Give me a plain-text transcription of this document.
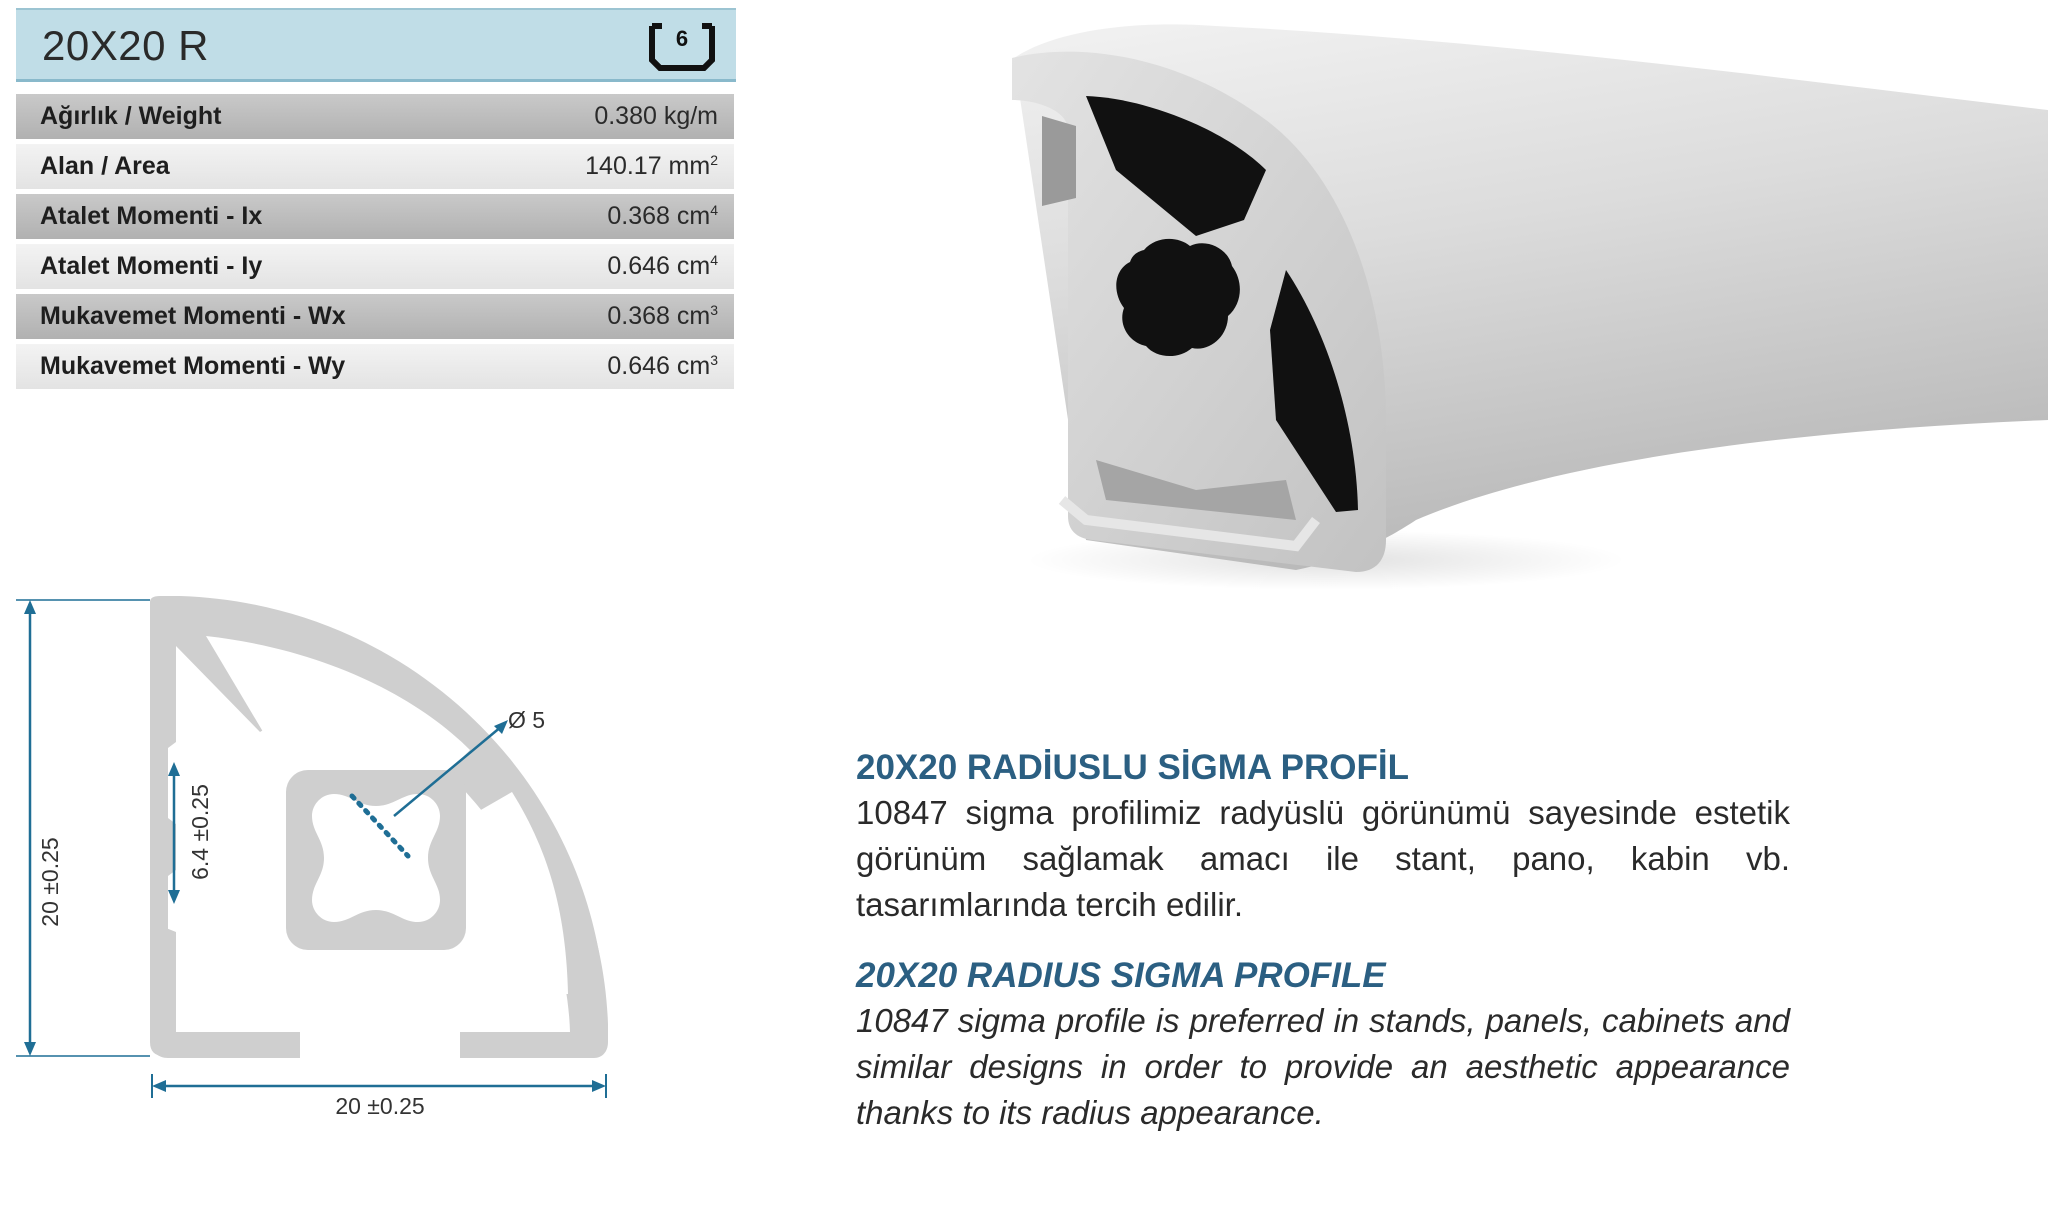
20X20 R	6
Ağırlık / Weight	0.380 kg/m
Alan / Area	140.17 $mm^2$
Atalet Momenti - Ix	0.368 $cm^4$
Atalet Momenti - Iy	0.646 $cm^4$
Mukavemet Momenti - Wx	0.368 $cm^3$
Mukavemet Momenti - Wy	0.646 $cm^3$
Ø 5
20 ±0.25
6.4 ±0.25
20 ±0.25
20X20 RADİUSLU SİGMA PROFİL

10847 sigma profilimiz radyüslü görünümü sayesinde estetik görünüm sağlamak amacı ile stant, pano, kabin vb. tasarımlarında tercih edilir.

20X20 RADIUS SIGMA PROFILE

10847 sigma profile is preferred in stands, panels, cabinets and similar designs in order to provide an aesthetic appearance thanks to its radius appearance.
